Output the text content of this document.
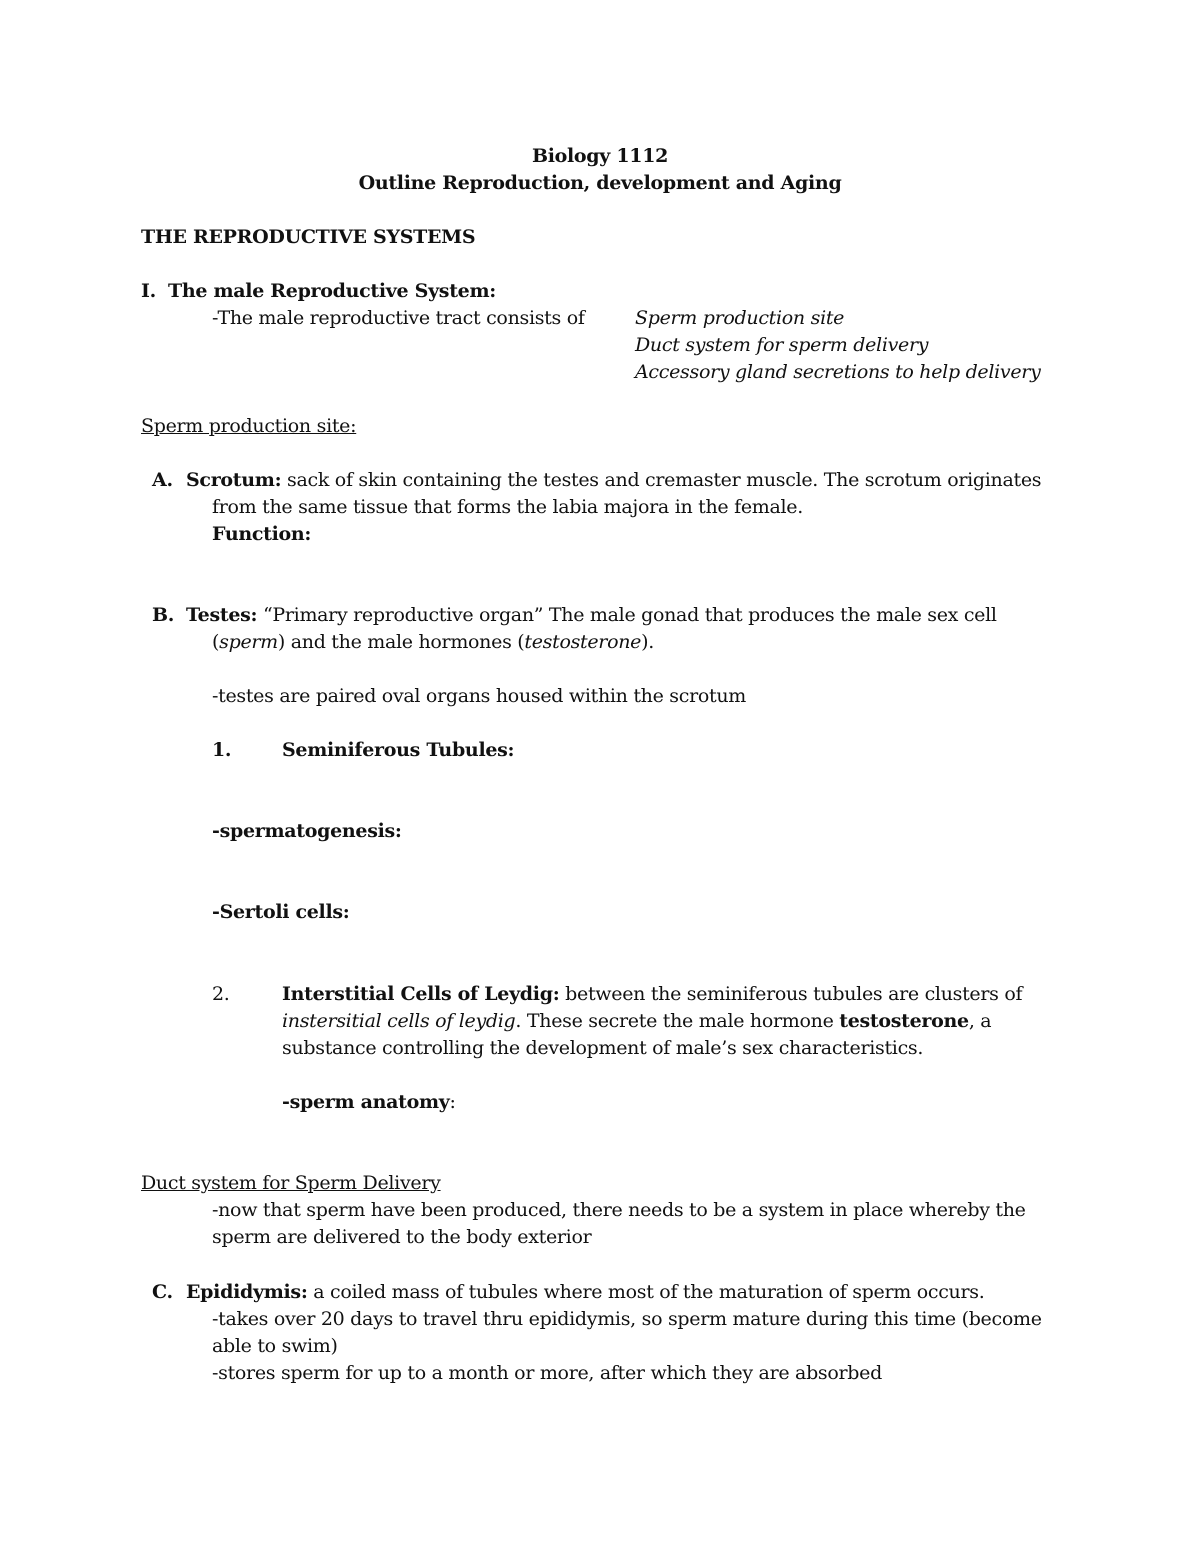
Biology 1112
Outline Reproduction, development and Aging
THE REPRODUCTIVE SYSTEMS
I. The male Reproductive System:
-The male reproductive tract consists of	Sperm production site
Duct system for sperm delivery
Accessory gland secretions to help delivery
Sperm production site:
A. Scrotum: sack of skin containing the testes and cremaster muscle. The scrotum originates
from the same tissue that forms the labia majora in the female.
Function:
B. Testes: “Primary reproductive organ” The male gonad that produces the male sex cell
(sperm) and the male hormones (testosterone).
-testes are paired oval organs housed within the scrotum
1.	Seminiferous Tubules:
-spermatogenesis:
-Sertoli cells:
2.	Interstitial Cells of Leydig: between the seminiferous tubules are clusters of
instersitial cells of leydig. These secrete the male hormone testosterone, a
substance controlling the development of male’s sex characteristics.
-sperm anatomy:
Duct system for Sperm Delivery
-now that sperm have been produced, there needs to be a system in place whereby the
sperm are delivered to the body exterior
C. Epididymis: a coiled mass of tubules where most of the maturation of sperm occurs.
-takes over 20 days to travel thru epididymis, so sperm mature during this time (become
able to swim)
-stores sperm for up to a month or more, after which they are absorbed
